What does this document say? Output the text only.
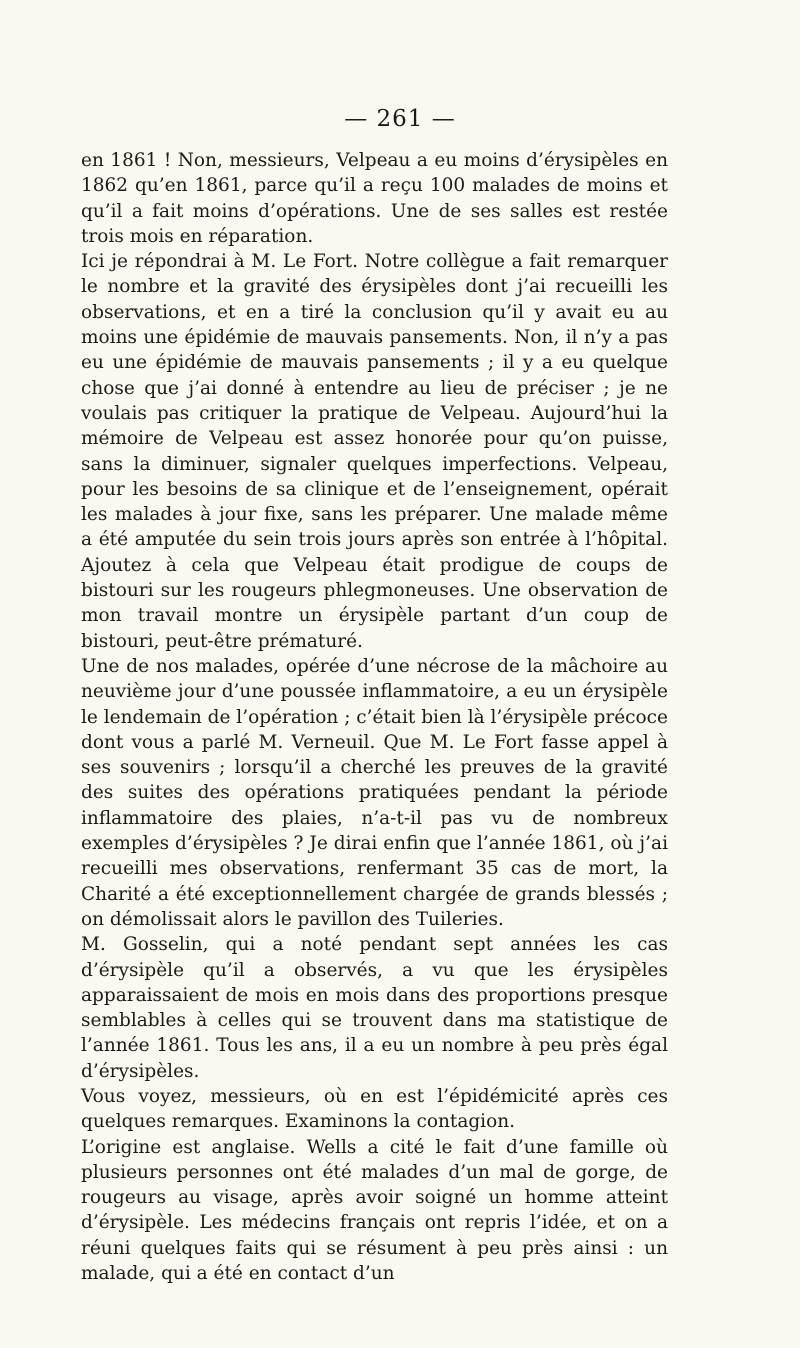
— 261 —

en 1861 ! Non, messieurs, Velpeau a eu moins d’érysipèles en 1862 qu’en 1861, parce qu’il a reçu 100 malades de moins et qu’il a fait moins d’opérations. Une de ses salles est restée trois mois en réparation.

Ici je répondrai à M. Le Fort. Notre collègue a fait remarquer le nombre et la gravité des érysipèles dont j’ai recueilli les observations, et en a tiré la conclusion qu’il y avait eu au moins une épidémie de mauvais pansements. Non, il n’y a pas eu une épidémie de mauvais pansements ; il y a eu quelque chose que j’ai donné à entendre au lieu de préciser ; je ne voulais pas critiquer la pratique de Velpeau. Aujourd’hui la mémoire de Velpeau est assez honorée pour qu’on puisse, sans la diminuer, signaler quelques imperfections. Velpeau, pour les besoins de sa clinique et de l’enseignement, opérait les malades à jour fixe, sans les préparer. Une malade même a été amputée du sein trois jours après son entrée à l’hôpital. Ajoutez à cela que Velpeau était prodigue de coups de bistouri sur les rougeurs phlegmoneuses. Une observation de mon travail montre un érysipèle partant d’un coup de bistouri, peut-être prématuré.

Une de nos malades, opérée d’une nécrose de la mâchoire au neuvième jour d’une poussée inflammatoire, a eu un érysipèle le lendemain de l’opération ; c’était bien là l’érysipèle précoce dont vous a parlé M. Verneuil. Que M. Le Fort fasse appel à ses souvenirs ; lorsqu’il a cherché les preuves de la gravité des suites des opérations pratiquées pendant la période inflammatoire des plaies, n’a-t-il pas vu de nombreux exemples d’érysipèles ? Je dirai enfin que l’année 1861, où j’ai recueilli mes observations, renfermant 35 cas de mort, la Charité a été exceptionnellement chargée de grands blessés ; on démolissait alors le pavillon des Tuileries.

M. Gosselin, qui a noté pendant sept années les cas d’érysipèle qu’il a observés, a vu que les érysipèles apparaissaient de mois en mois dans des proportions presque semblables à celles qui se trouvent dans ma statistique de l’année 1861. Tous les ans, il a eu un nombre à peu près égal d’érysipèles.

Vous voyez, messieurs, où en est l’épidémicité après ces quelques remarques. Examinons la contagion.

L’origine est anglaise. Wells a cité le fait d’une famille où plusieurs personnes ont été malades d’un mal de gorge, de rougeurs au visage, après avoir soigné un homme atteint d’érysipèle. Les médecins français ont repris l’idée, et on a réuni quelques faits qui se résument à peu près ainsi : un malade, qui a été en contact d’un
